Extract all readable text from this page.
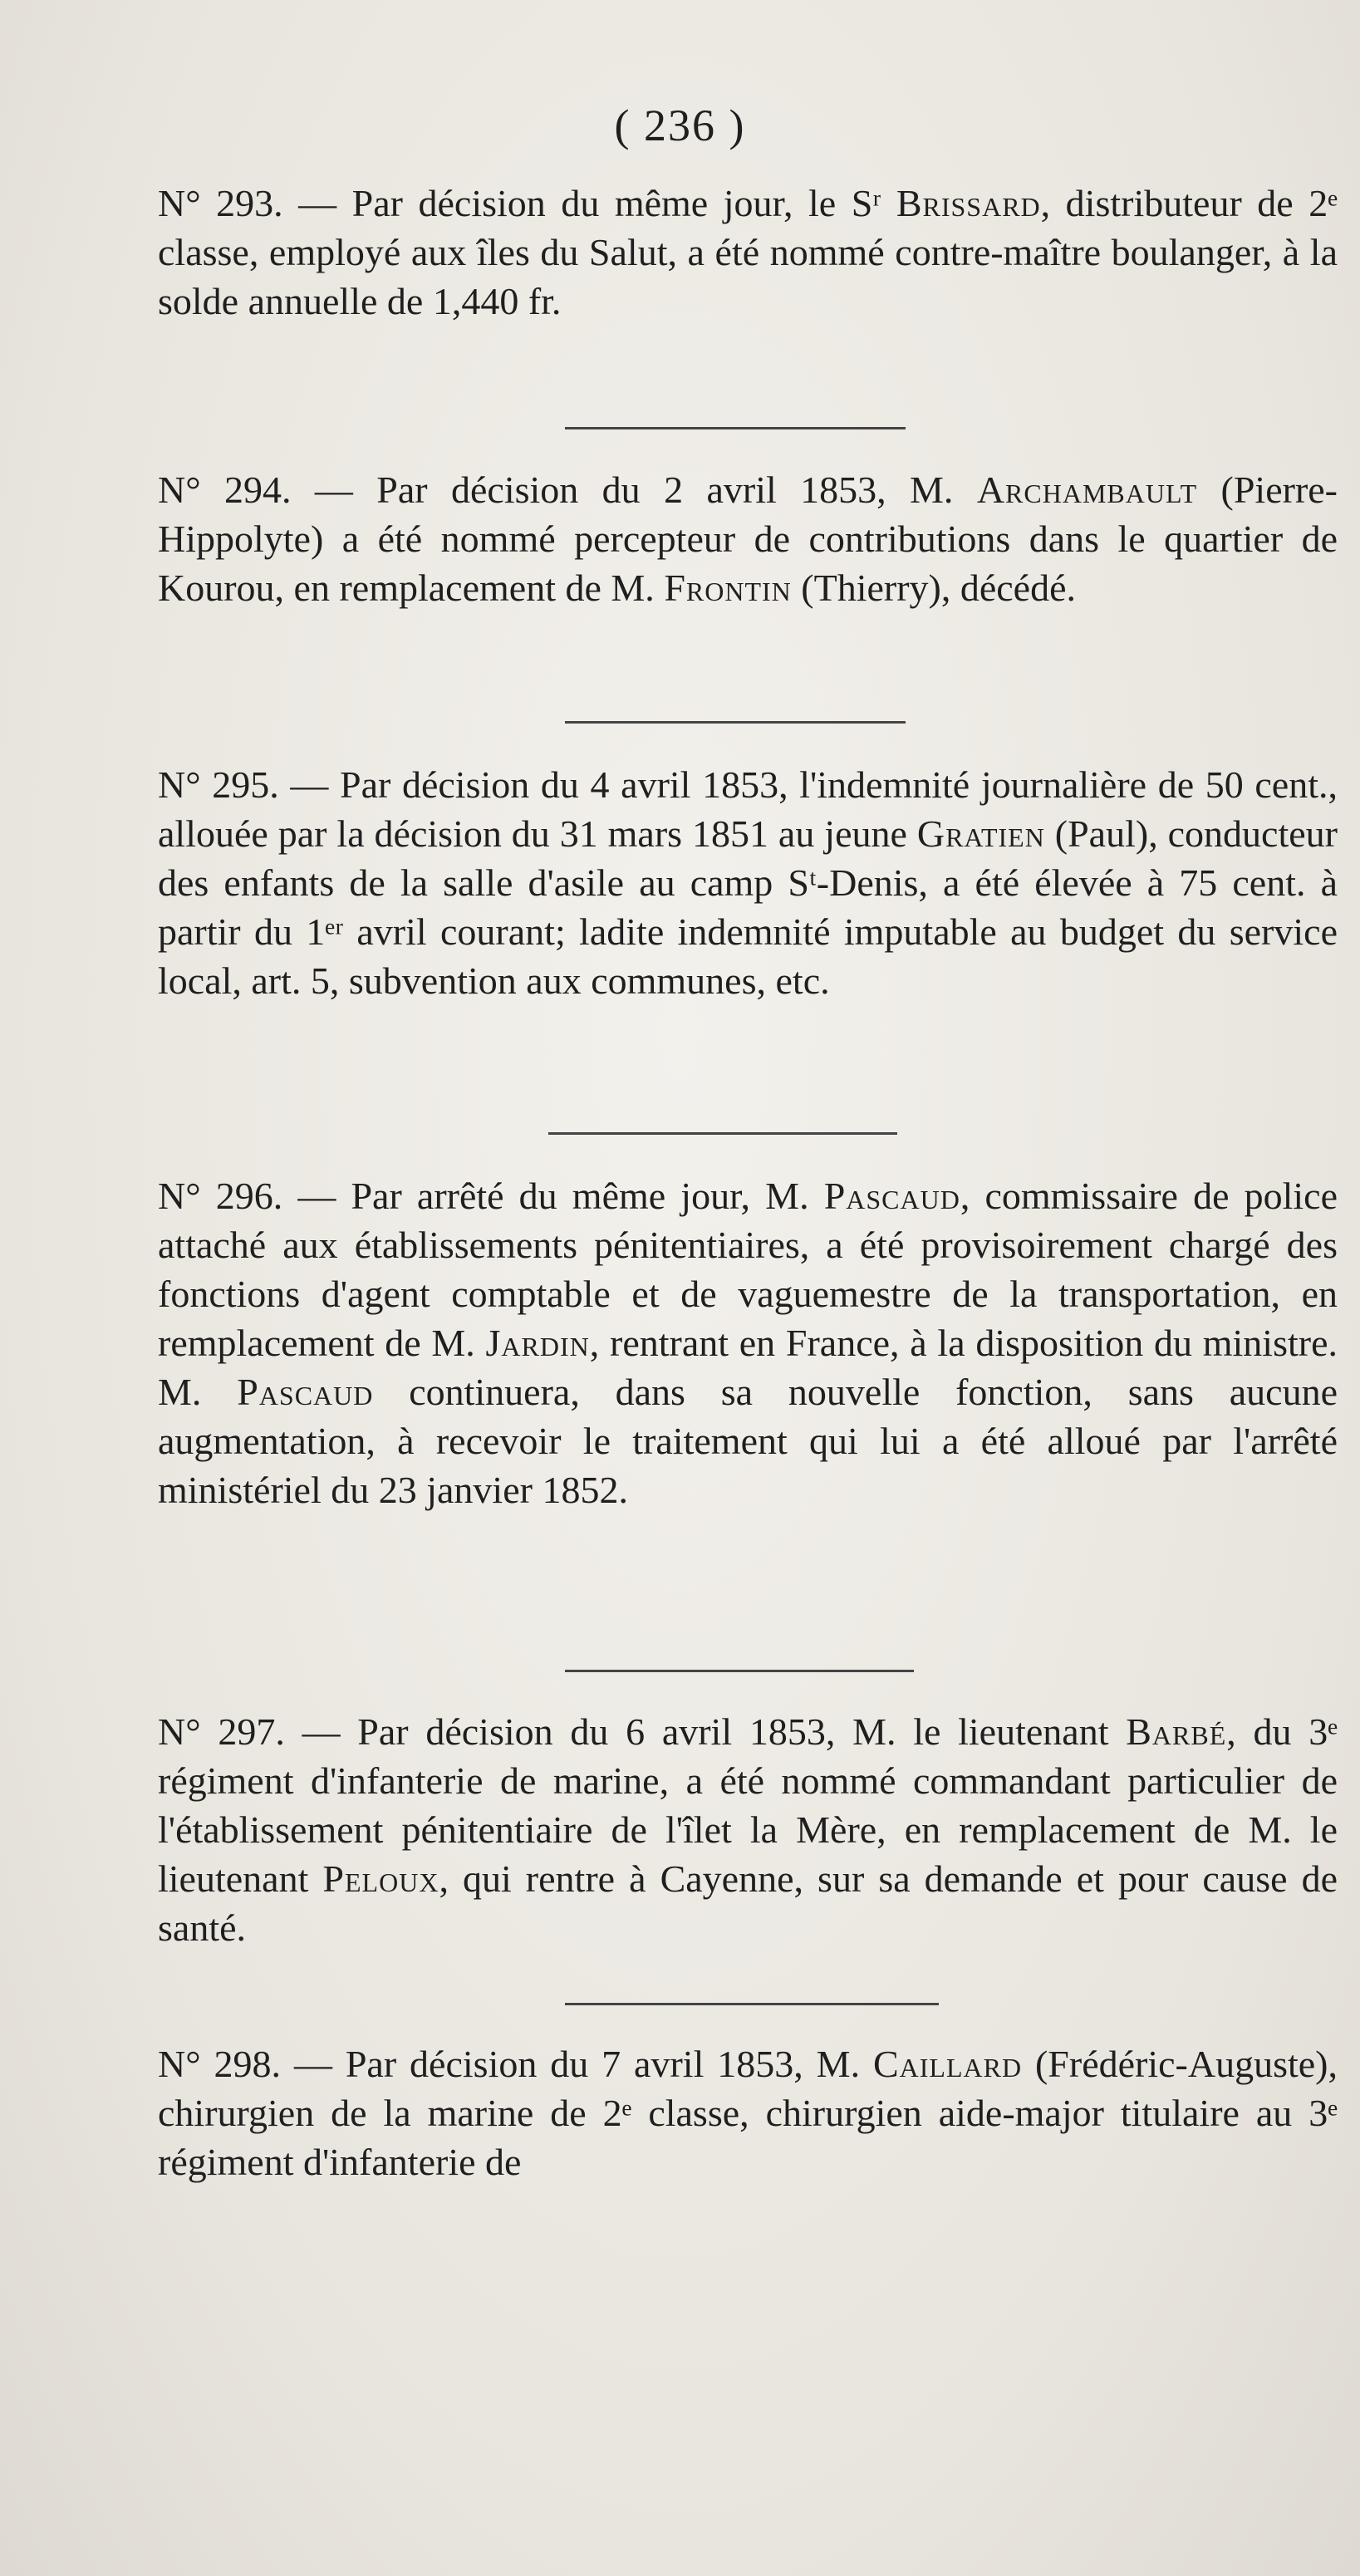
( 236 )
N° 293. — Par décision du même jour, le Sʳ Brissard, distributeur de 2ᵉ classe, employé aux îles du Salut, a été nommé contre-maître boulanger, à la solde annuelle de 1,440 fr.
N° 294. — Par décision du 2 avril 1853, M. Archambault (Pierre-Hippolyte) a été nommé percepteur de contributions dans le quartier de Kourou, en remplacement de M. Frontin (Thierry), décédé.
N° 295. — Par décision du 4 avril 1853, l'indemnité journalière de 50 cent., allouée par la décision du 31 mars 1851 au jeune Gratien (Paul), conducteur des enfants de la salle d'asile au camp Sᵗ-Denis, a été élevée à 75 cent. à partir du 1ᵉʳ avril courant; ladite indemnité imputable au budget du service local, art. 5, subvention aux communes, etc.
N° 296. — Par arrêté du même jour, M. Pascaud, commissaire de police attaché aux établissements pénitentiaires, a été provisoirement chargé des fonctions d'agent comptable et de vaguemestre de la transportation, en remplacement de M. Jardin, rentrant en France, à la disposition du ministre. M. Pascaud continuera, dans sa nouvelle fonction, sans aucune augmentation, à recevoir le traitement qui lui a été alloué par l'arrêté ministériel du 23 janvier 1852.
N° 297. — Par décision du 6 avril 1853, M. le lieutenant Barbé, du 3ᵉ régiment d'infanterie de marine, a été nommé commandant particulier de l'établissement pénitentiaire de l'îlet la Mère, en remplacement de M. le lieutenant Peloux, qui rentre à Cayenne, sur sa demande et pour cause de santé.
N° 298. — Par décision du 7 avril 1853, M. Caillard (Frédéric-Auguste), chirurgien de la marine de 2ᵉ classe, chirurgien aide-major titulaire au 3ᵉ régiment d'infanterie de
